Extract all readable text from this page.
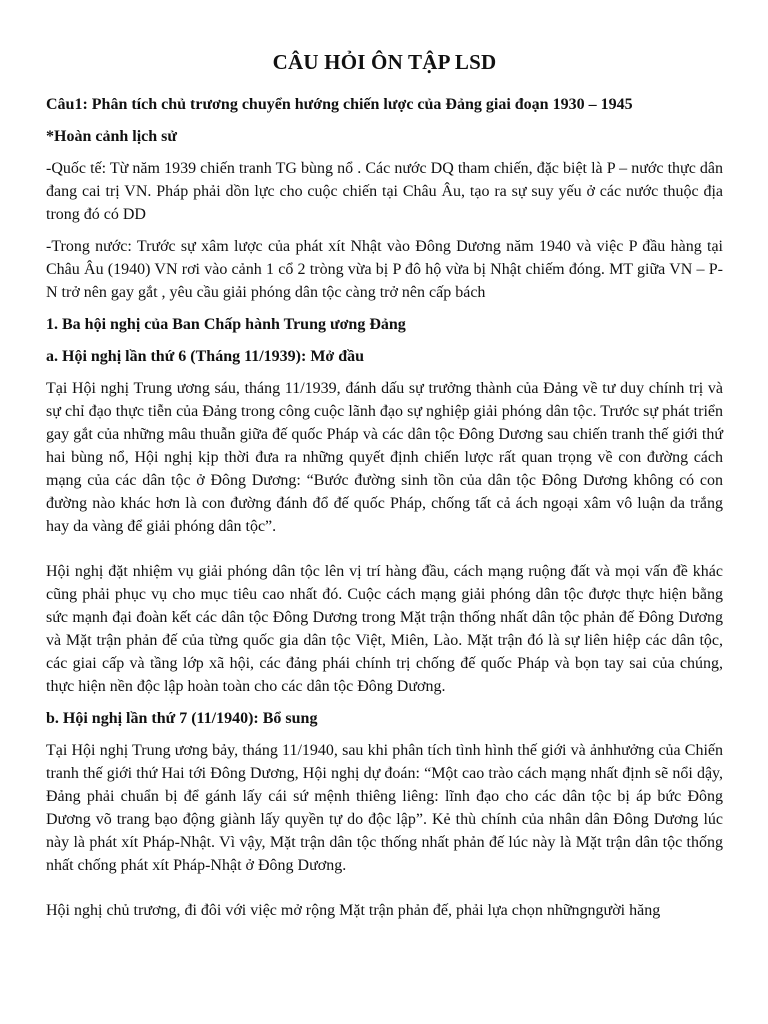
CÂU HỎI ÔN TẬP LSD
Câu1: Phân tích chủ trương chuyển hướng chiến lược của Đảng giai đoạn 1930 – 1945
*Hoàn cảnh lịch sử

-Quốc tế: Từ năm 1939 chiến tranh TG bùng nổ . Các nước DQ tham chiến, đặc biệt là P – nước thực dân đang cai trị VN. Pháp phải dồn lực cho cuộc chiến tại Châu Âu, tạo ra sự suy yếu ở các nước thuộc địa trong đó có DD

-Trong nước: Trước sự xâm lược của phát xít Nhật vào Đông Dương năm 1940 và việc P đầu hàng tại Châu Âu (1940) VN rơi vào cảnh 1 cổ 2 tròng vừa bị P đô hộ vừa bị Nhật chiếm đóng. MT giữa VN – P-N trở nên gay gắt , yêu cầu giải phóng dân tộc càng trở nên cấp bách

1. Ba hội nghị của Ban Chấp hành Trung ương Đảng
a. Hội nghị lần thứ 6 (Tháng 11/1939): Mở đầu

Tại Hội nghị Trung ương sáu, tháng 11/1939, đánh dấu sự trưởng thành của Đảng về tư duy chính trị và sự chỉ đạo thực tiễn của Đảng trong công cuộc lãnh đạo sự nghiệp giải phóng dân tộc. Trước sự phát triển gay gắt của những mâu thuẫn giữa đế quốc Pháp và các dân tộc Đông Dương sau chiến tranh thế giới thứ hai bùng nổ, Hội nghị kịp thời đưa ra những quyết định chiến lược rất quan trọng về con đường cách mạng của các dân tộc ở Đông Dương: “Bước đường sinh tồn của dân tộc Đông Dương không có con đường nào khác hơn là con đường đánh đổ đế quốc Pháp, chống tất cả ách ngoại xâm vô luận da trắng hay da vàng để giải phóng dân tộc”.

Hội nghị đặt nhiệm vụ giải phóng dân tộc lên vị trí hàng đầu, cách mạng ruộng đất và mọi vấn đề khác cũng phải phục vụ cho mục tiêu cao nhất đó. Cuộc cách mạng giải phóng dân tộc được thực hiện bằng sức mạnh đại đoàn kết các dân tộc Đông Dương trong Mặt trận thống nhất dân tộc phản đế Đông Dương và Mặt trận phản đế của từng quốc gia dân tộc Việt, Miên, Lào. Mặt trận đó là sự liên hiệp các dân tộc, các giai cấp và tầng lớp xã hội, các đảng phái chính trị chống đế quốc Pháp và bọn tay sai của chúng, thực hiện nền độc lập hoàn toàn cho các dân tộc Đông Dương.

b. Hội nghị lần thứ 7 (11/1940): Bổ sung

Tại Hội nghị Trung ương bảy, tháng 11/1940, sau khi phân tích tình hình thế giới và ảnhhưởng của Chiến tranh thế giới thứ Hai tới Đông Dương, Hội nghị dự đoán: “Một cao trào cách mạng nhất định sẽ nổi dậy, Đảng phải chuẩn bị để gánh lấy cái sứ mệnh thiêng liêng: lĩnh đạo cho các dân tộc bị áp bức Đông Dương võ trang bạo động giành lấy quyền tự do độc lập”. Kẻ thù chính của nhân dân Đông Dương lúc này là phát xít Pháp-Nhật. Vì vậy, Mặt trận dân tộc thống nhất phản đế lúc này là Mặt trận dân tộc thống nhất chống phát xít Pháp-Nhật ở Đông Dương.

Hội nghị chủ trương, đi đôi với việc mở rộng Mặt trận phản đế, phải lựa chọn nhữngngười hăng
